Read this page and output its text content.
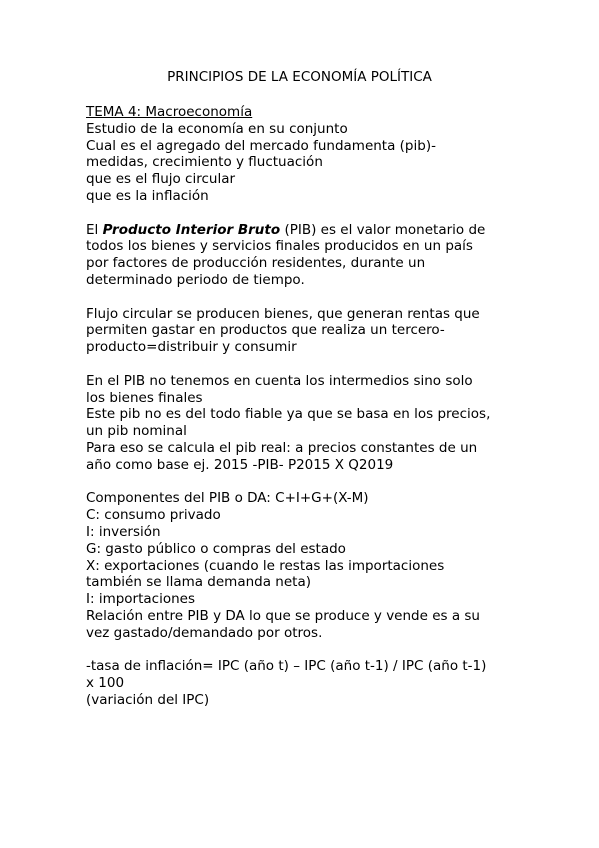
PRINCIPIOS DE LA ECONOMÍA POLÍTICA
TEMA 4: Macroeconomía
Estudio de la economía en su conjunto
Cual es el agregado del mercado fundamenta (pib)-
medidas, crecimiento y fluctuación
que es el flujo circular
que es la inflación
El Producto Interior Bruto (PIB) es el valor monetario de
todos los bienes y servicios finales producidos en un país
por factores de producción residentes, durante un
determinado periodo de tiempo.
Flujo circular se producen bienes, que generan rentas que
permiten gastar en productos que realiza un tercero-
producto=distribuir y consumir
En el PIB no tenemos en cuenta los intermedios sino solo
los bienes finales
Este pib no es del todo fiable ya que se basa en los precios,
un pib nominal
Para eso se calcula el pib real: a precios constantes de un
año como base ej. 2015 -PIB- P2015 X Q2019
Componentes del PIB o DA: C+I+G+(X-M)
C: consumo privado
I: inversión
G: gasto público o compras del estado
X: exportaciones (cuando le restas las importaciones
también se llama demanda neta)
I: importaciones
Relación entre PIB y DA lo que se produce y vende es a su
vez gastado/demandado por otros.
-tasa de inflación= IPC (año t) – IPC (año t-1) / IPC (año t-1)
x 100
(variación del IPC)
